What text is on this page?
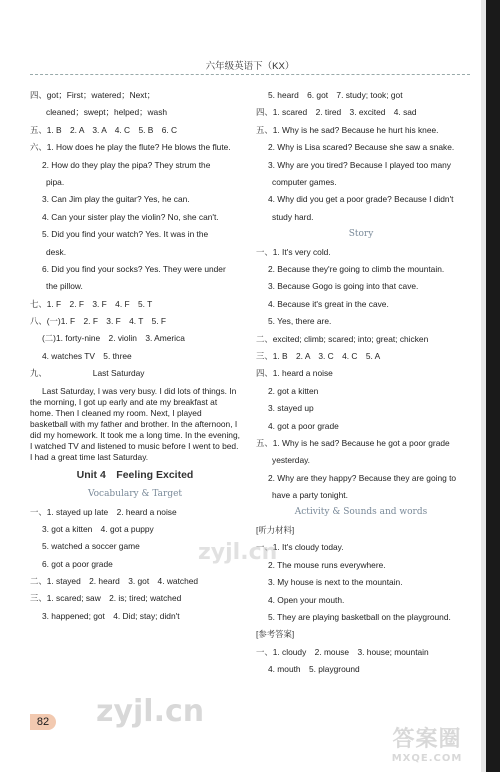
六年级英语下（KX）
四、got；First；watered；Next；
cleaned；swept；helped；wash
五、1. B　2. A　3. A　4. C　5. B　6. C
六、1. How does he play the flute? He blows the flute.
2. How do they play the pipa? They strum the
pipa.
3. Can Jim play the guitar? Yes, he can.
4. Can your sister play the violin? No, she can't.
5. Did you find your watch? Yes. It was in the
desk.
6. Did you find your socks? Yes. They were under
the pillow.
七、1. F　2. F　3. F　4. F　5. T
八、(一)1. F　2. F　3. F　4. T　5. F
(二)1. forty-nine　2. violin　3. America
4. watches TV　5. three
九、　　　　　　Last Saturday
Last Saturday, I was very busy. I did lots of things. In the morning, I got up early and ate my breakfast at home. Then I cleaned my room. Next, I played basketball with my father and brother. In the afternoon, I did my homework. It took me a long time. In the evening, I watched TV and listened to music before I went to bed. I had a great time last Saturday.
Unit 4　Feeling Excited
Vocabulary & Target
一、1. stayed up late　2. heard a noise
3. got a kitten　4. got a puppy
5. watched a soccer game
6. got a poor grade
二、1. stayed　2. heard　3. got　4. watched
三、1. scared; saw　2. is; tired; watched
3. happened; got　4. Did; stay; didn't
5. heard　6. got　7. study; took; got
四、1. scared　2. tired　3. excited　4. sad
五、1. Why is he sad? Because he hurt his knee.
2. Why is Lisa scared? Because she saw a snake.
3. Why are you tired? Because I played too many
computer games.
4. Why did you get a poor grade? Because I didn't
study hard.
Story
一、1. It's very cold.
2. Because they're going to climb the mountain.
3. Because Gogo is going into that cave.
4. Because it's great in the cave.
5. Yes, there are.
二、excited; climb; scared; into; great; chicken
三、1. B　2. A　3. C　4. C　5. A
四、1. heard a noise
2. got a kitten
3. stayed up
4. got a poor grade
五、1. Why is he sad? Because he got a poor grade
yesterday.
2. Why are they happy? Because they are going to
have a party tonight.
Activity & Sounds and words
[听力材料]
一、1. It's cloudy today.
2. The mouse runs everywhere.
3. My house is next to the mountain.
4. Open your mouth.
5. They are playing basketball on the playground.
[参考答案]
一、1. cloudy　2. mouse　3. house; mountain
4. mouth　5. playground
82
zyjl.cn
zyjl.cn
答案圈
MXQE.COM
